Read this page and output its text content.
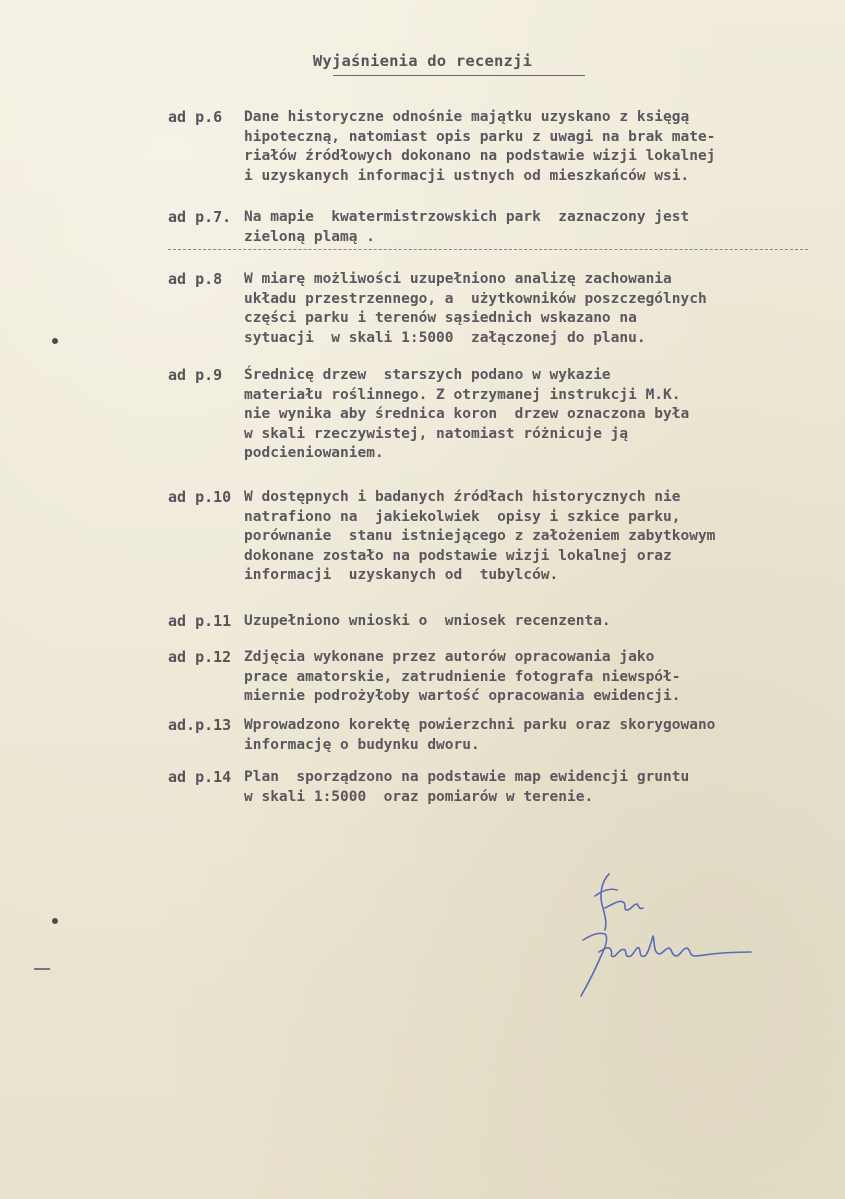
Wyjaśnienia do recenzji
ad p.6 Dane historyczne odnośnie majątku uzyskano z księgą
hipoteczną, natomiast opis parku z uwagi na brak mate-
riałów źródłowych dokonano na podstawie wizji lokalnej
i uzyskanych informacji ustnych od mieszkańców wsi.
ad p.7. Na mapie  kwatermistrzowskich park  zaznaczony jest
zieloną plamą .
ad p.8 W miarę możliwości uzupełniono analizę zachowania
układu przestrzennego, a  użytkowników poszczególnych
części parku i terenów sąsiednich wskazano na
sytuacji  w skali 1:5000  załączonej do planu.
ad p.9 Średnicę drzew  starszych podano w wykazie
materiału roślinnego. Z otrzymanej instrukcji M.K.
nie wynika aby średnica koron  drzew oznaczona była
w skali rzeczywistej, natomiast różnicuje ją
podcieniowaniem.
ad p.10 W dostępnych i badanych źródłach historycznych nie
natrafiono na  jakiekolwiek  opisy i szkice parku,
porównanie  stanu istniejącego z założeniem zabytkowym
dokonane zostało na podstawie wizji lokalnej oraz
informacji  uzyskanych od  tubylców.
ad p.11 Uzupełniono wnioski o  wniosek recenzenta.
ad p.12 Zdjęcia wykonane przez autorów opracowania jako
prace amatorskie, zatrudnienie fotografa niewspół-
miernie podrożyłoby wartość opracowania ewidencji.
ad.p.13 Wprowadzono korektę powierzchni parku oraz skorygowano
informację o budynku dworu.
ad p.14 Plan  sporządzono na podstawie map ewidencji gruntu
w skali 1:5000  oraz pomiarów w terenie.
